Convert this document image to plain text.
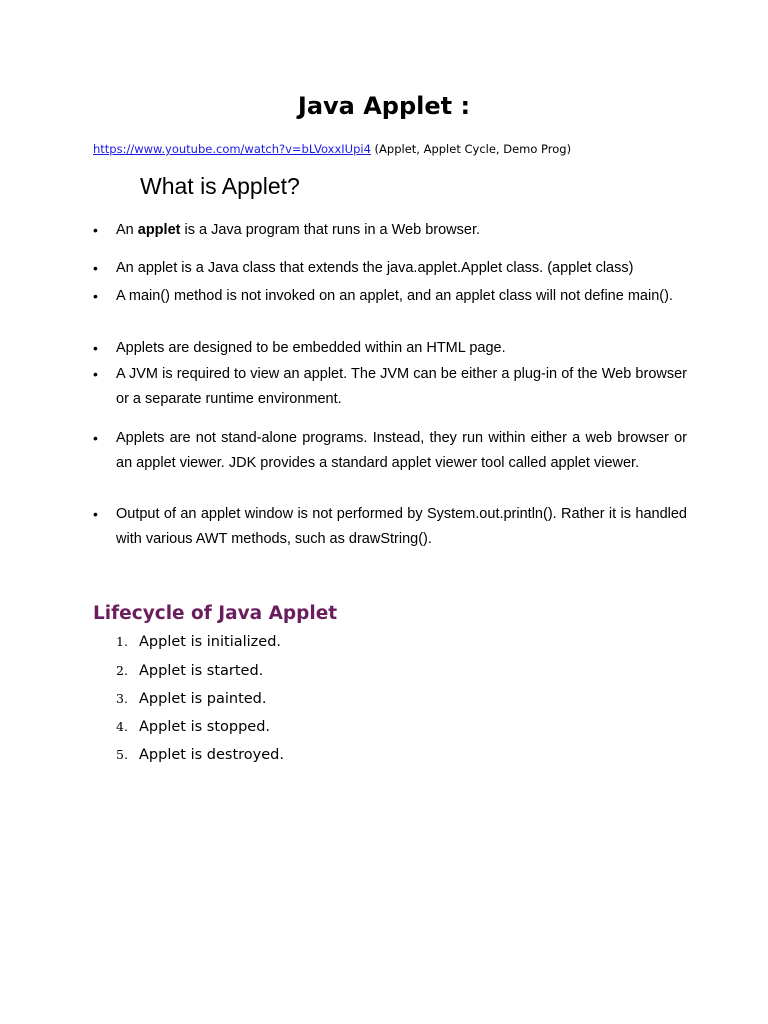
Java Applet :
https://www.youtube.com/watch?v=bLVoxxIUpi4 (Applet, Applet Cycle, Demo Prog)
What is Applet?
•	An applet is a Java program that runs in a Web browser.
•	An applet is a Java class that extends the java.applet.Applet class. (applet class)
•	A main() method is not invoked on an applet, and an applet class will not define main().
•	Applets are designed to be embedded within an HTML page.
•	A JVM is required to view an applet. The JVM can be either a plug-in of the Web browser or a separate runtime environment.
•	Applets are not stand-alone programs. Instead, they run within either a web browser or an applet viewer. JDK provides a standard applet viewer tool called applet viewer.
•	Output of an applet window is not performed by System.out.println(). Rather it is handled with various AWT methods, such as drawString().
Lifecycle of Java Applet
1. Applet is initialized.
2. Applet is started.
3. Applet is painted.
4. Applet is stopped.
5. Applet is destroyed.
